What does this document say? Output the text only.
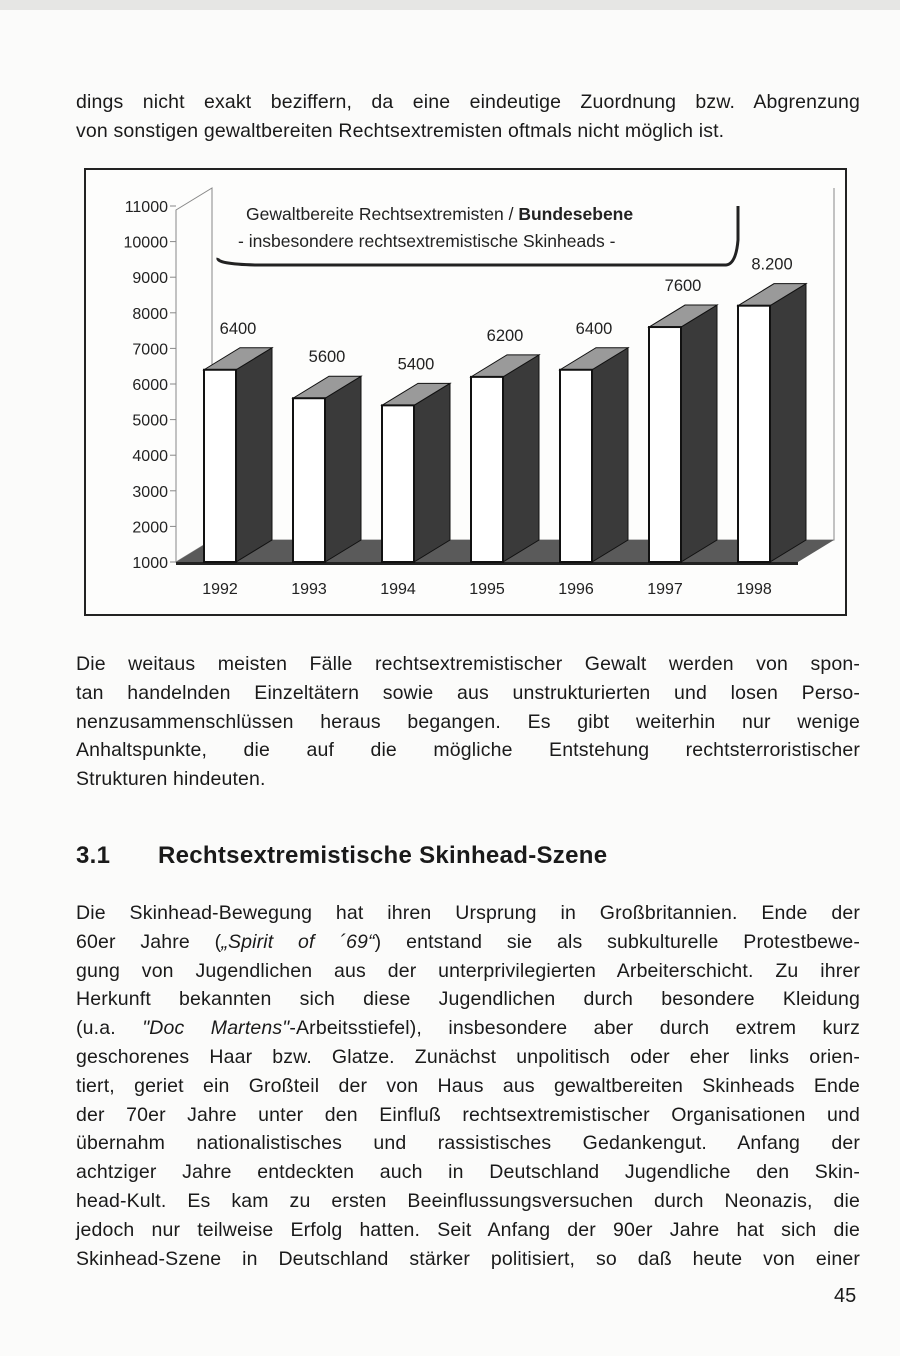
dings nicht exakt beziffern, da eine eindeutige Zuordnung bzw. Abgrenzung
von sonstigen gewaltbereiten Rechtsextremisten oftmals nicht möglich ist.
1000
2000
3000
4000
5000
6000
7000
8000
9000
10000
11000
6400
1992
5600
1993
5400
1994
6200
1995
6400
1996
7600
1997
8.200
1998
Gewaltbereite Rechtsextremisten / Bundesebene
- insbesondere rechtsextremistische Skinheads -
Die weitaus meisten Fälle rechtsextremistischer Gewalt werden von spon-
tan handelnden Einzeltätern sowie aus unstrukturierten und losen Perso-
nenzusammenschlüssen heraus begangen. Es gibt weiterhin nur wenige
Anhaltspunkte, die auf die mögliche Entstehung rechtsterroristischer
Strukturen hindeuten.
3.1 Rechtsextremistische Skinhead-Szene
Die Skinhead-Bewegung hat ihren Ursprung in Großbritannien. Ende der
60er Jahre („Spirit of ´69“) entstand sie als subkulturelle Protestbewe-
gung von Jugendlichen aus der unterprivilegierten Arbeiterschicht. Zu ihrer
Herkunft bekannten sich diese Jugendlichen durch besondere Kleidung
(u.a. "Doc Martens"-Arbeitsstiefel), insbesondere aber durch extrem kurz
geschorenes Haar bzw. Glatze. Zunächst unpolitisch oder eher links orien-
tiert, geriet ein Großteil der von Haus aus gewaltbereiten Skinheads Ende
der 70er Jahre unter den Einfluß rechtsextremistischer Organisationen und
übernahm nationalistisches und rassistisches Gedankengut. Anfang der
achtziger Jahre entdeckten auch in Deutschland Jugendliche den Skin-
head-Kult. Es kam zu ersten Beeinflussungsversuchen durch Neonazis, die
jedoch nur teilweise Erfolg hatten. Seit Anfang der 90er Jahre hat sich die
Skinhead-Szene in Deutschland stärker politisiert, so daß heute von einer
45
